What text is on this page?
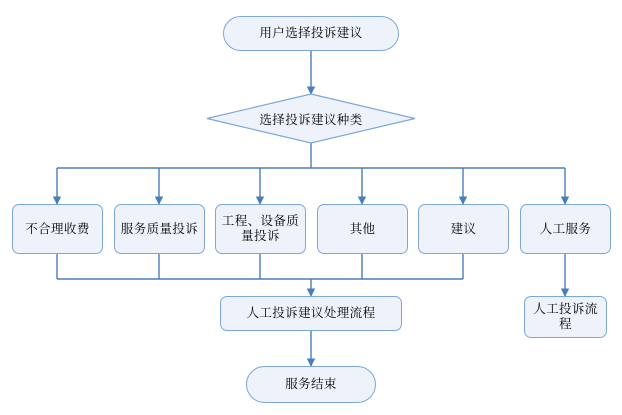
用户选择投诉建议
选择投诉建议种类
不合理收费 服务质量投诉
工程、设备质量投诉
其他	建议	人工服务
人工投诉建议处理流程	人工投诉流程
服务结束
